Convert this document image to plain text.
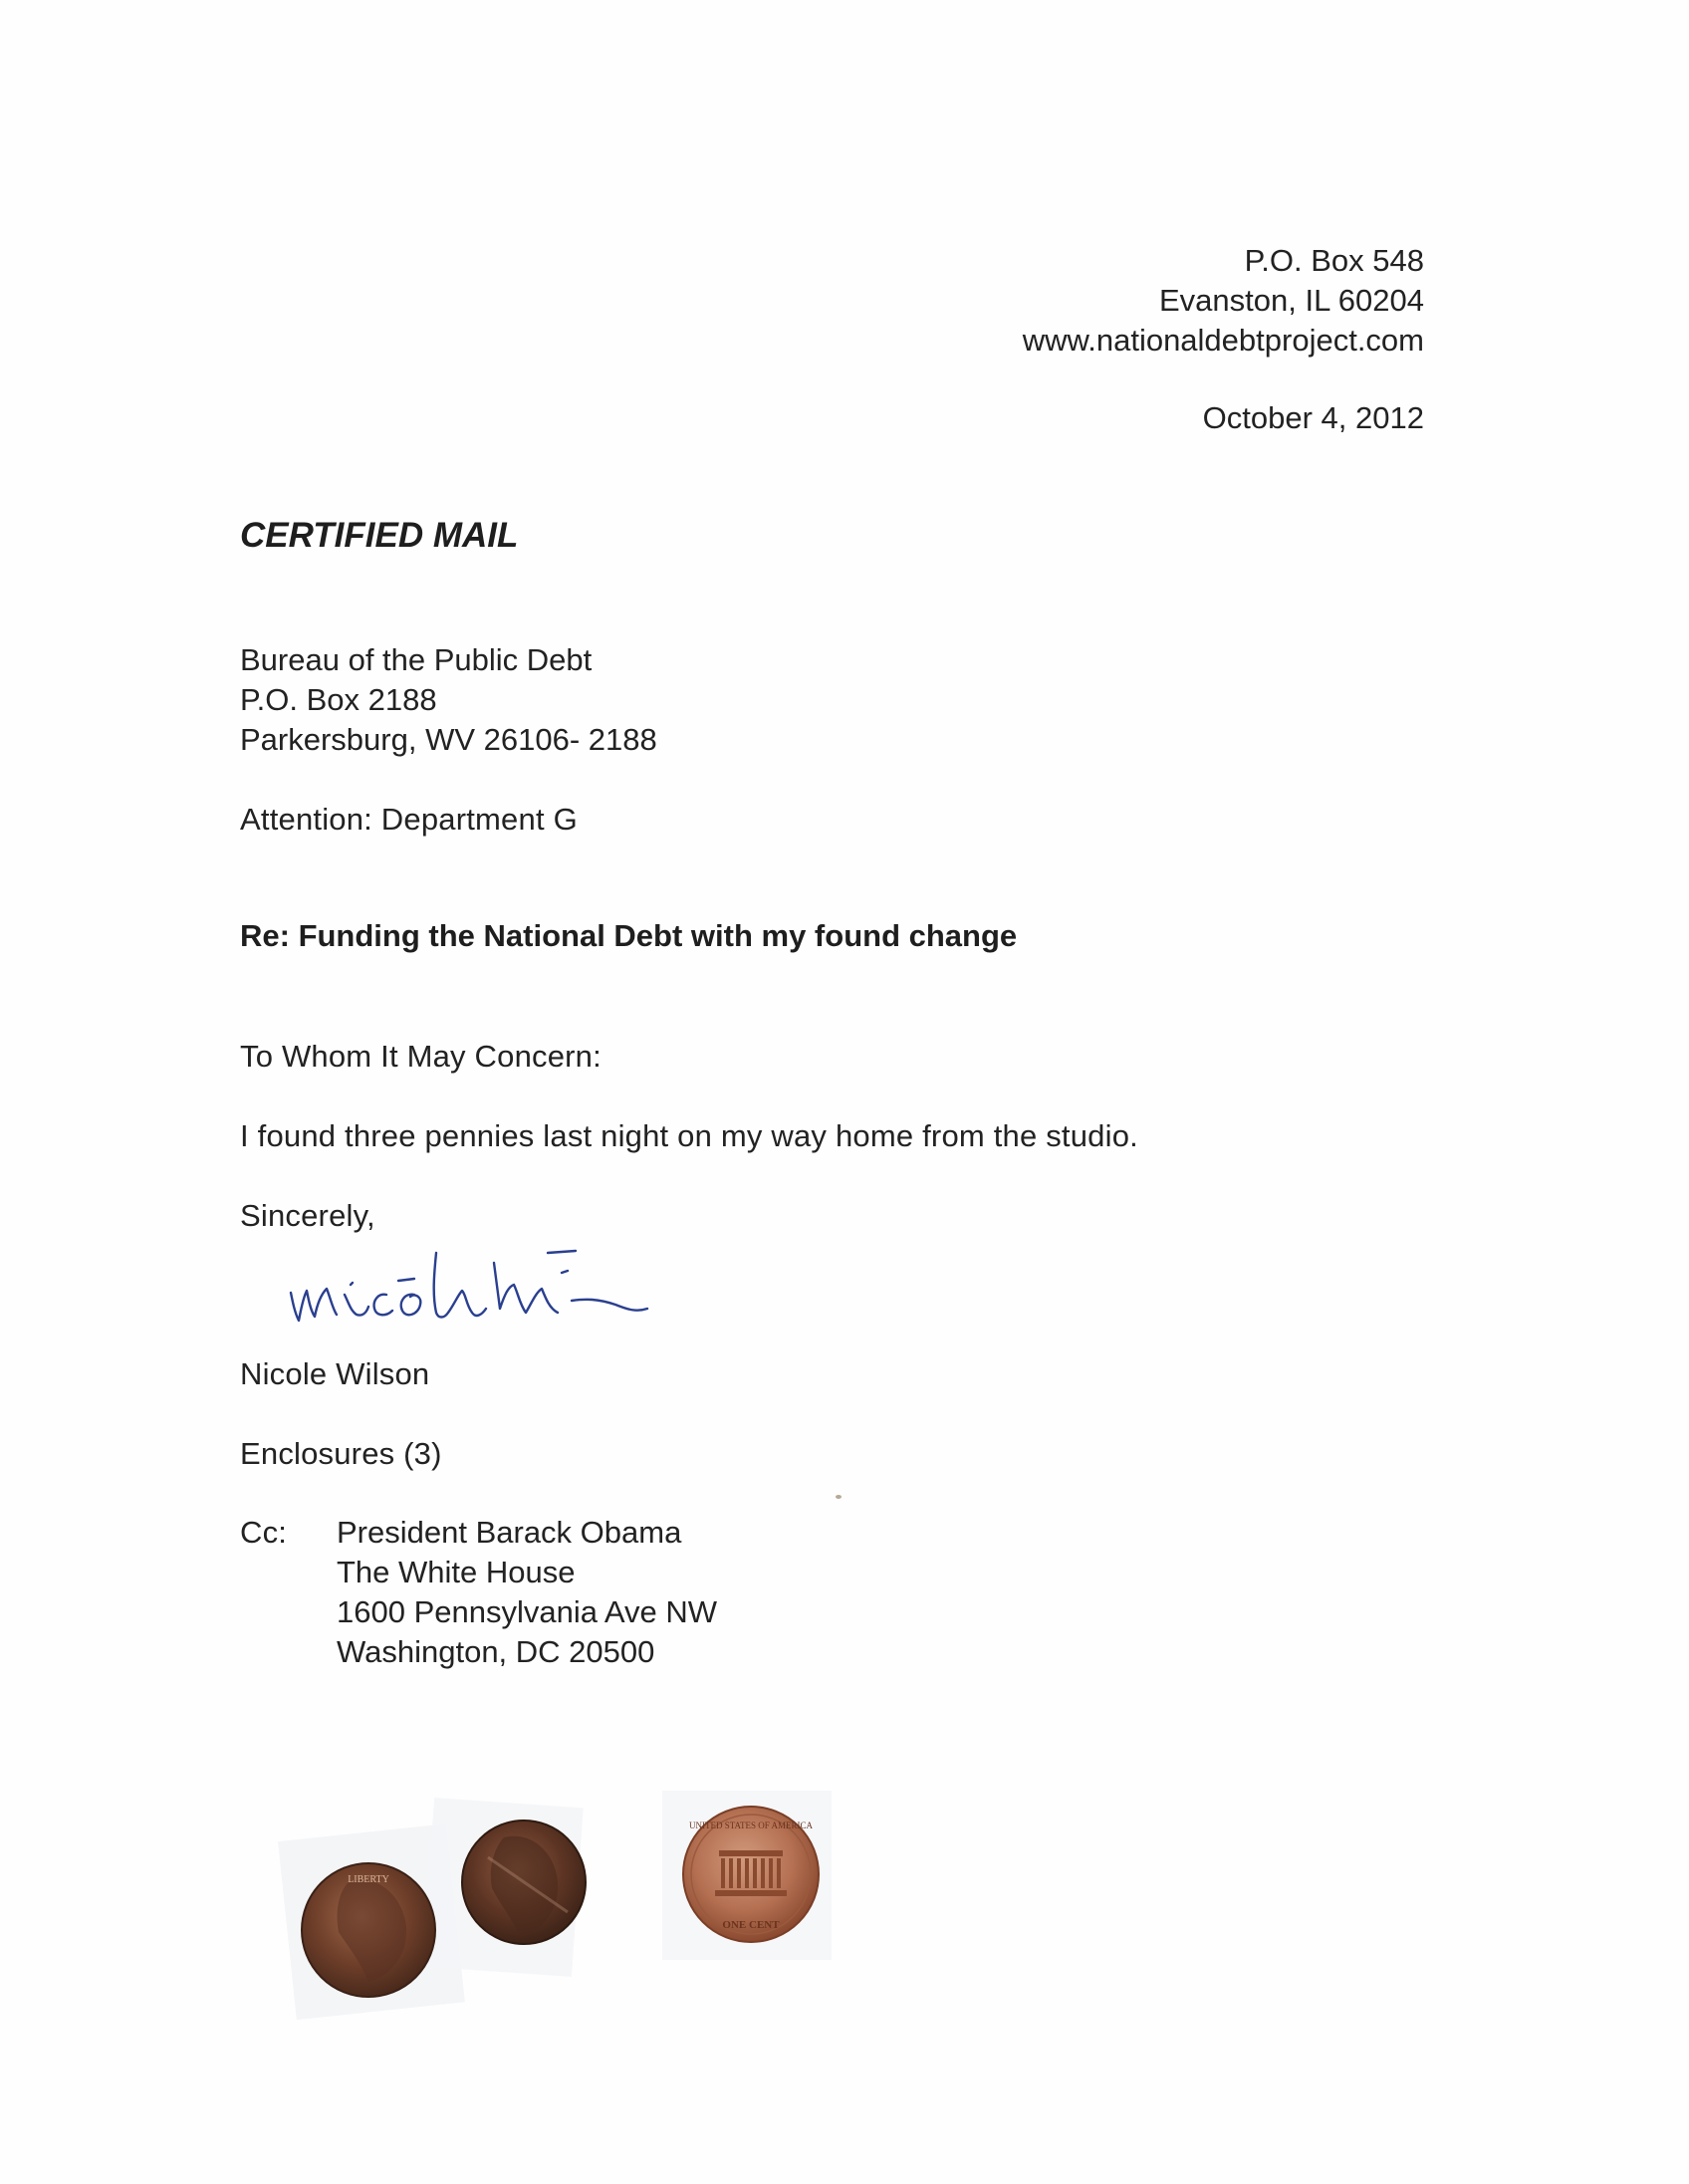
P.O. Box 548
Evanston, IL 60204
www.nationaldebtproject.com
October 4, 2012
CERTIFIED MAIL
Bureau of the Public Debt
P.O. Box 2188
Parkersburg, WV 26106- 2188
Attention: Department G
Re: Funding the National Debt with my found change
To Whom It May Concern:
I found three pennies last night on my way home from the studio.
Sincerely,
Nicole Wilson
Enclosures (3)
Cc: President Barack Obama
The White House
1600 Pennsylvania Ave NW
Washington, DC 20500
LIBERTY
UNITED STATES OF AMERICA
ONE CENT
